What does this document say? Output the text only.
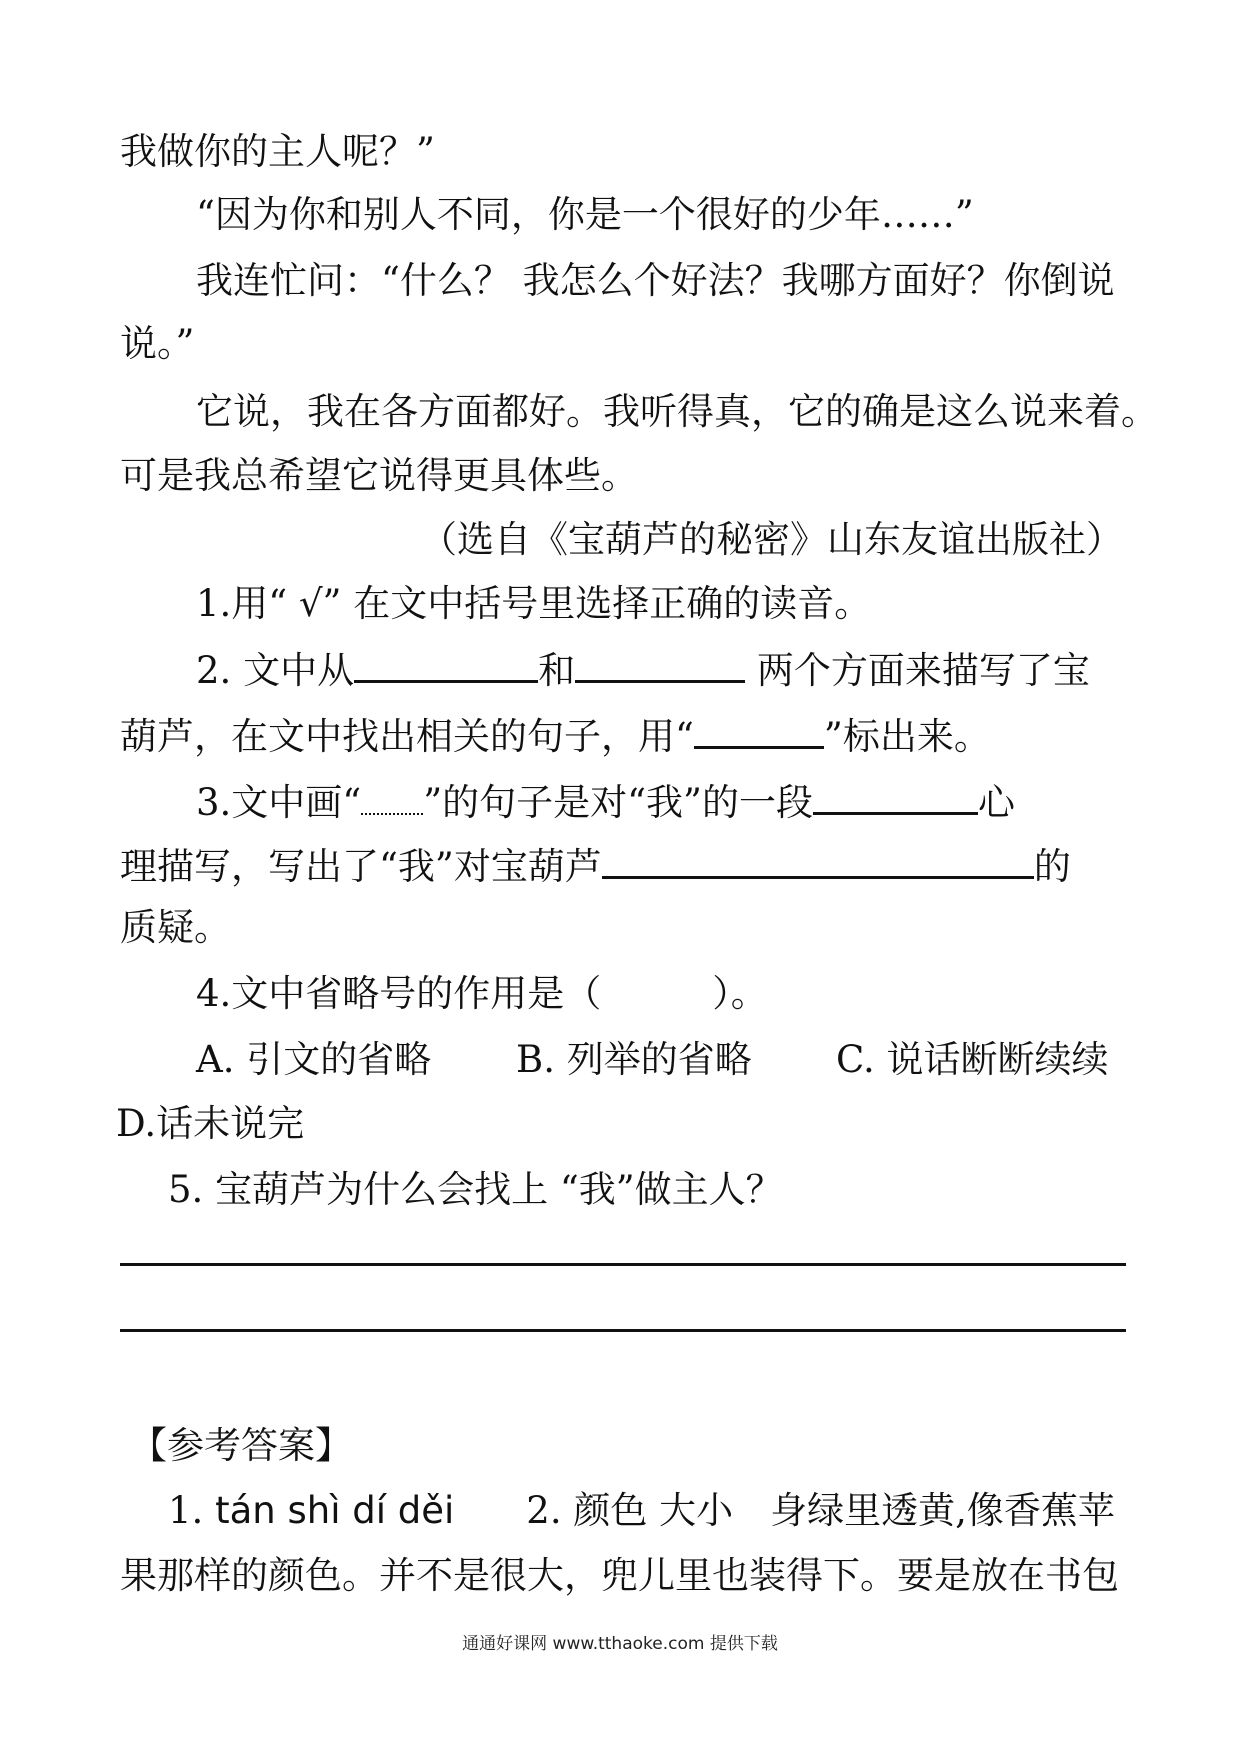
我做你的主人呢？”
“因为你和别人不同，你是一个很好的少年……”
我连忙问：“什么？ 我怎么个好法？我哪方面好？你倒说
说。”
它说，我在各方面都好。我听得真，它的确是这么说来着。
可是我总希望它说得更具体些。
（选自《宝葫芦的秘密》山东友谊出版社）
1.用“ √” 在文中括号里选择正确的读音。
2. 文中从	和	两个方面来描写了宝
葫芦，在文中找出相关的句子，用“	”标出来。
3.文中画“ ”的句子是对“我”的一段	心
理描写，写出了“我”对宝葫芦	的
质疑。
4.文中省略号的作用是（　　　）。
A. 引文的省略 B. 列举的省略 C. 说话断断续续
D.话未说完
5. 宝葫芦为什么会找上 “我”做主人？
【参考答案】
1. tán shì dí děi 2. 颜色 大小　身绿里透黄,像香蕉苹
果那样的颜色。并不是很大，兜儿里也装得下。要是放在书包
通通好课网 www.tthaoke.com 提供下载
